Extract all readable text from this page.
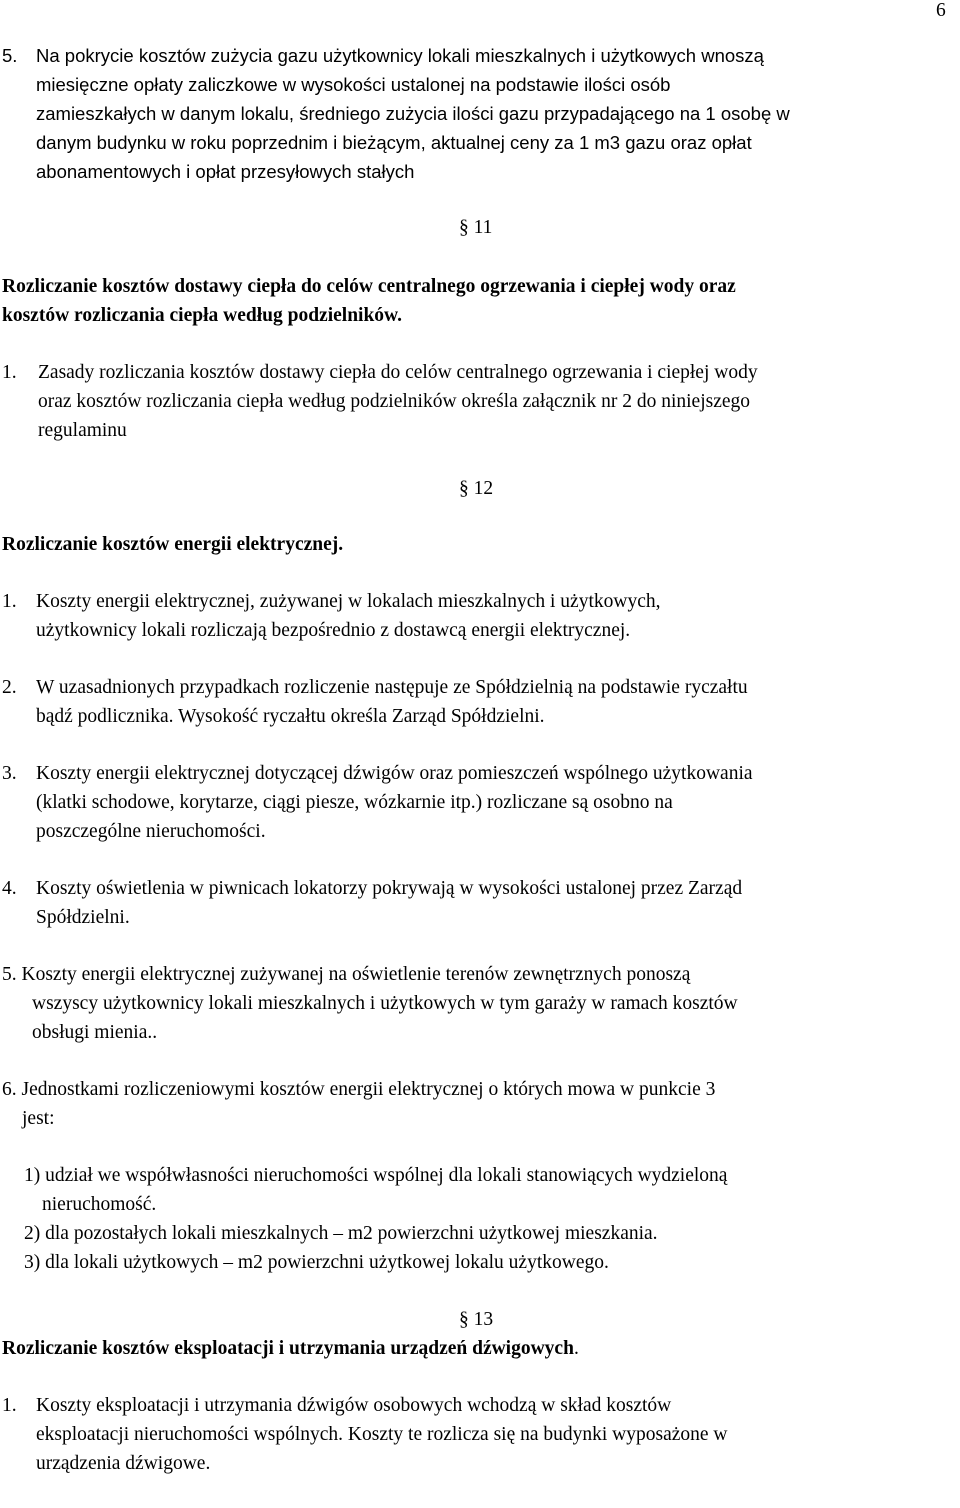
6
5. Na pokrycie kosztów zużycia gazu użytkownicy lokali mieszkalnych i użytkowych wnoszą
miesięczne opłaty zaliczkowe w wysokości ustalonej na podstawie ilości osób
zamieszkałych w danym lokalu, średniego zużycia ilości gazu przypadającego na 1 osobę w
danym budynku w roku poprzednim i bieżącym, aktualnej ceny za 1 m3 gazu oraz opłat
abonamentowych i opłat przesyłowych stałych
§ 11
Rozliczanie kosztów dostawy ciepła do celów centralnego ogrzewania i ciepłej wody oraz
kosztów rozliczania ciepła według podzielników.
1. Zasady rozliczania kosztów dostawy ciepła do celów centralnego ogrzewania i ciepłej wody
oraz kosztów rozliczania ciepła według podzielników określa załącznik nr 2 do niniejszego
regulaminu
§ 12
Rozliczanie kosztów energii elektrycznej.
1. Koszty energii elektrycznej, zużywanej w lokalach mieszkalnych i użytkowych,
użytkownicy lokali rozliczają bezpośrednio z dostawcą energii elektrycznej.
2. W uzasadnionych przypadkach rozliczenie następuje ze Spółdzielnią na podstawie ryczałtu
bądź podlicznika. Wysokość ryczałtu określa Zarząd Spółdzielni.
3. Koszty energii elektrycznej dotyczącej dźwigów oraz pomieszczeń wspólnego użytkowania
(klatki schodowe, korytarze, ciągi piesze, wózkarnie itp.) rozliczane są osobno na
poszczególne nieruchomości.
4. Koszty oświetlenia w piwnicach lokatorzy pokrywają w wysokości ustalonej przez Zarząd
Spółdzielni.
5. Koszty energii elektrycznej zużywanej na oświetlenie terenów zewnętrznych ponoszą
wszyscy użytkownicy lokali mieszkalnych i użytkowych w tym garaży w ramach kosztów
obsługi mienia..
6. Jednostkami rozliczeniowymi kosztów energii elektrycznej o których mowa w punkcie 3
jest:
1) udział we współwłasności nieruchomości wspólnej dla lokali stanowiących wydzieloną
nieruchomość.
2) dla pozostałych lokali mieszkalnych – m2 powierzchni użytkowej mieszkania.
3) dla lokali użytkowych – m2 powierzchni użytkowej lokalu użytkowego.
§ 13
Rozliczanie kosztów eksploatacji i utrzymania urządzeń dźwigowych.
1. Koszty eksploatacji i utrzymania dźwigów osobowych wchodzą w skład kosztów
eksploatacji nieruchomości wspólnych. Koszty te rozlicza się na budynki wyposażone w
urządzenia dźwigowe.
